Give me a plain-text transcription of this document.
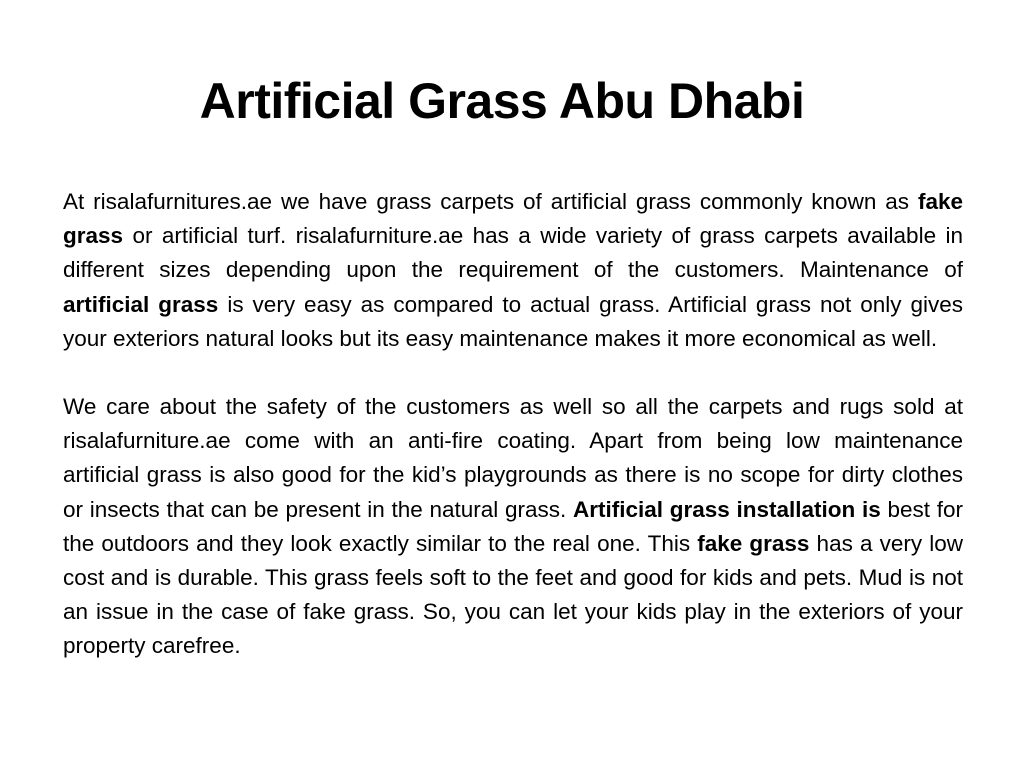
Artificial Grass Abu Dhabi

At risalafurnitures.ae we have grass carpets of artificial grass commonly known as fake grass or artificial turf. risalafurniture.ae has a wide variety of grass carpets available in different sizes depending upon the requirement of the customers. Maintenance of artificial grass is very easy as compared to actual grass. Artificial grass not only gives your exteriors natural looks but its easy maintenance makes it more economical as well.

We care about the safety of the customers as well so all the carpets and rugs sold at risalafurniture.ae come with an anti-fire coating. Apart from being low maintenance artificial grass is also good for the kid’s playgrounds as there is no scope for dirty clothes or insects that can be present in the natural grass. Artificial grass installation is best for the outdoors and they look exactly similar to the real one. This fake grass has a very low cost and is durable. This grass feels soft to the feet and good for kids and pets. Mud is not an issue in the case of fake grass. So, you can let your kids play in the exteriors of your property carefree.
